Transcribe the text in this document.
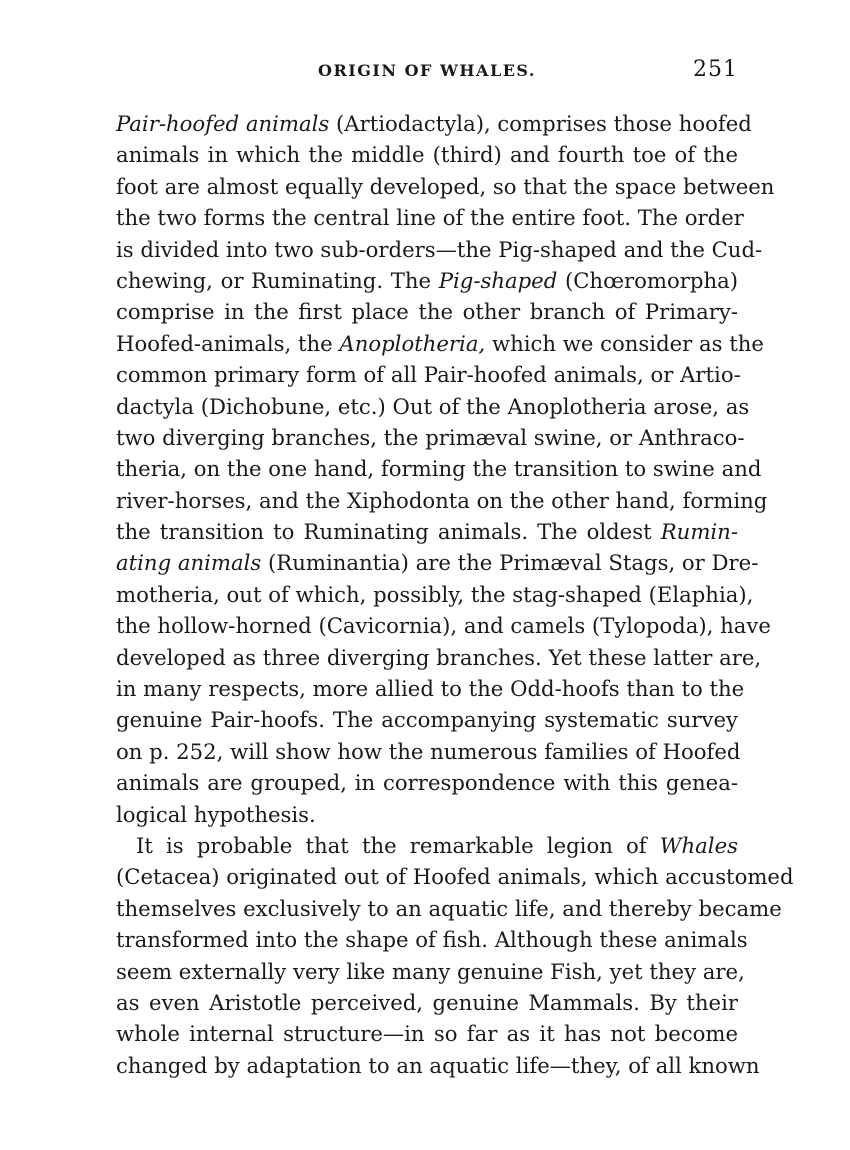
ORIGIN OF WHALES.	251
Pair-hoofed animals (Artiodactyla), comprises those hoofed
animals in which the middle (third) and fourth toe of the
foot are almost equally developed, so that the space between
the two forms the central line of the entire foot. The order
is divided into two sub-orders—the Pig-shaped and the Cud-
chewing, or Ruminating. The Pig-shaped (Chœromorpha)
comprise in the first place the other branch of Primary-
Hoofed-animals, the Anoplotheria, which we consider as the
common primary form of all Pair-hoofed animals, or Artio-
dactyla (Dichobune, etc.) Out of the Anoplotheria arose, as
two diverging branches, the primæval swine, or Anthraco-
theria, on the one hand, forming the transition to swine and
river-horses, and the Xiphodonta on the other hand, forming
the transition to Ruminating animals. The oldest Rumin-
ating animals (Ruminantia) are the Primæval Stags, or Dre-
motheria, out of which, possibly, the stag-shaped (Elaphia),
the hollow-horned (Cavicornia), and camels (Tylopoda), have
developed as three diverging branches. Yet these latter are,
in many respects, more allied to the Odd-hoofs than to the
genuine Pair-hoofs. The accompanying systematic survey
on p. 252, will show how the numerous families of Hoofed
animals are grouped, in correspondence with this genea-
logical hypothesis.
It is probable that the remarkable legion of Whales
(Cetacea) originated out of Hoofed animals, which accustomed
themselves exclusively to an aquatic life, and thereby became
transformed into the shape of fish. Although these animals
seem externally very like many genuine Fish, yet they are,
as even Aristotle perceived, genuine Mammals. By their
whole internal structure—in so far as it has not become
changed by adaptation to an aquatic life—they, of all known
